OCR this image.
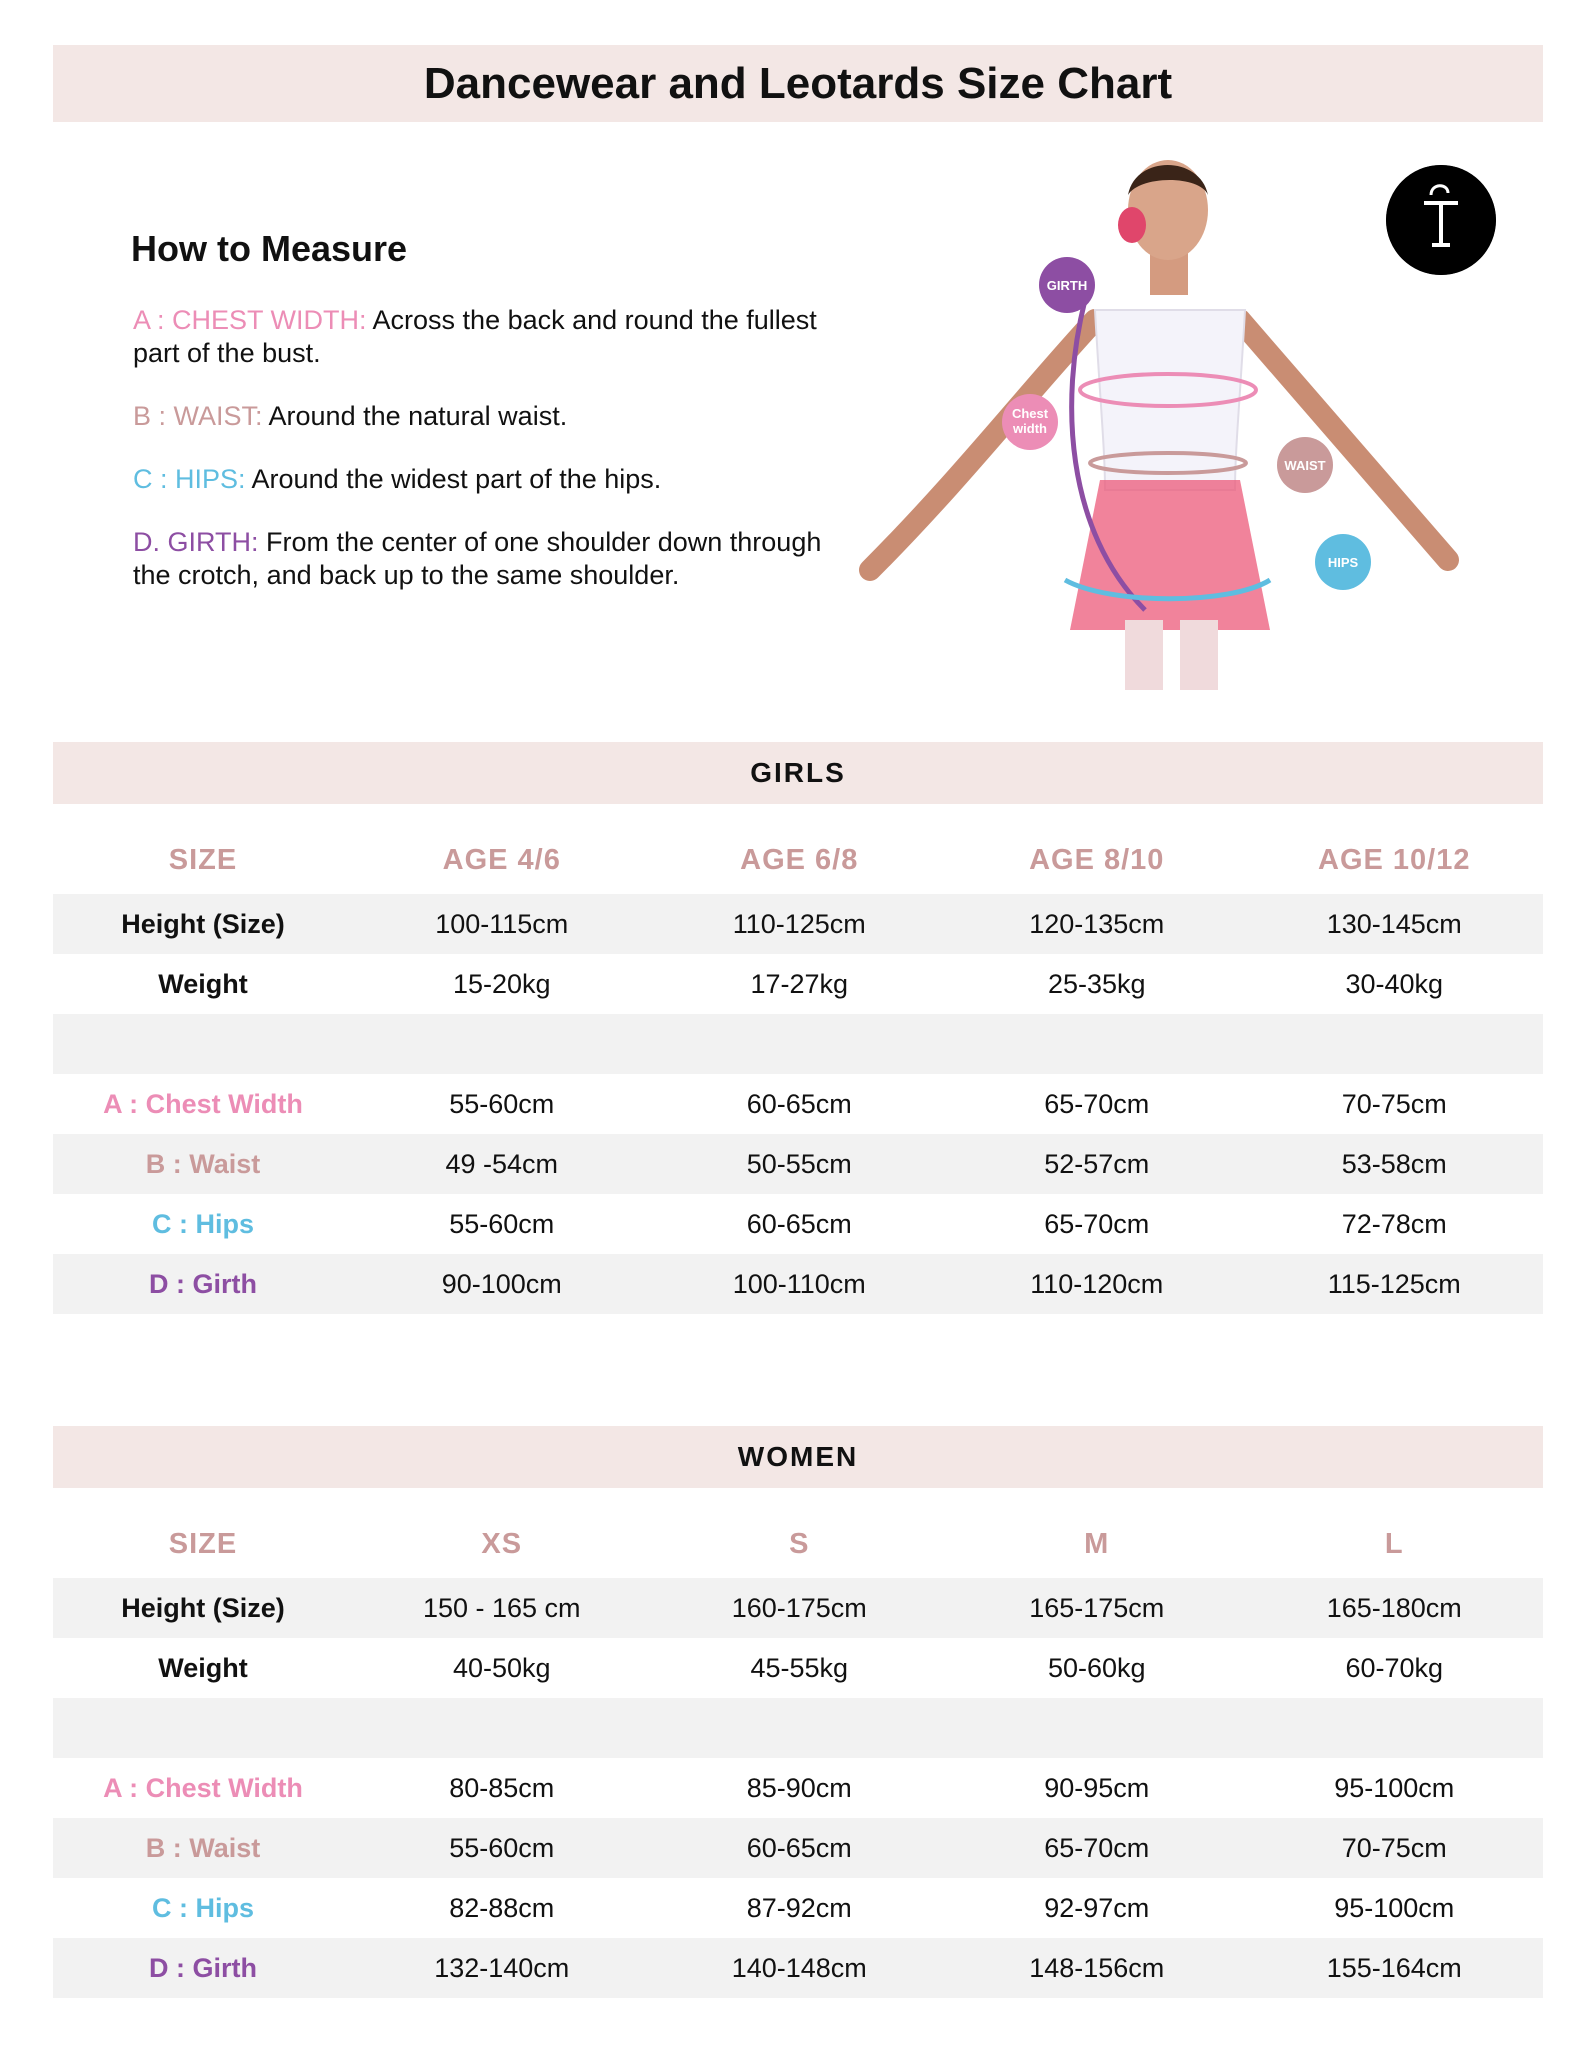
Dancewear and Leotards Size Chart
How to Measure

A : CHEST WIDTH: Across the back and round the fullest part of the bust.

B : WAIST: Around the natural waist.

C : HIPS: Around the widest part of the hips.

D. GIRTH: From the center of one shoulder down through the crotch, and back up to the same shoulder.

GIRTH
Chest
width
WAIST
HIPS
GIRLS
SIZE	AGE 4/6	AGE 6/8	AGE 8/10	AGE 10/12
Height (Size)	100-115cm	110-125cm	120-135cm	130-145cm
Weight	15-20kg	17-27kg	25-35kg	30-40kg

A : Chest Width	55-60cm	60-65cm	65-70cm	70-75cm
B : Waist	49 -54cm	50-55cm	52-57cm	53-58cm
C : Hips	55-60cm	60-65cm	65-70cm	72-78cm
D : Girth	90-100cm	100-110cm	110-120cm	115-125cm
WOMEN
SIZE	XS	S	M	L
Height (Size)	150 - 165 cm	160-175cm	165-175cm	165-180cm
Weight	40-50kg	45-55kg	50-60kg	60-70kg

A : Chest Width	80-85cm	85-90cm	90-95cm	95-100cm
B : Waist	55-60cm	60-65cm	65-70cm	70-75cm
C : Hips	82-88cm	87-92cm	92-97cm	95-100cm
D : Girth	132-140cm	140-148cm	148-156cm	155-164cm
